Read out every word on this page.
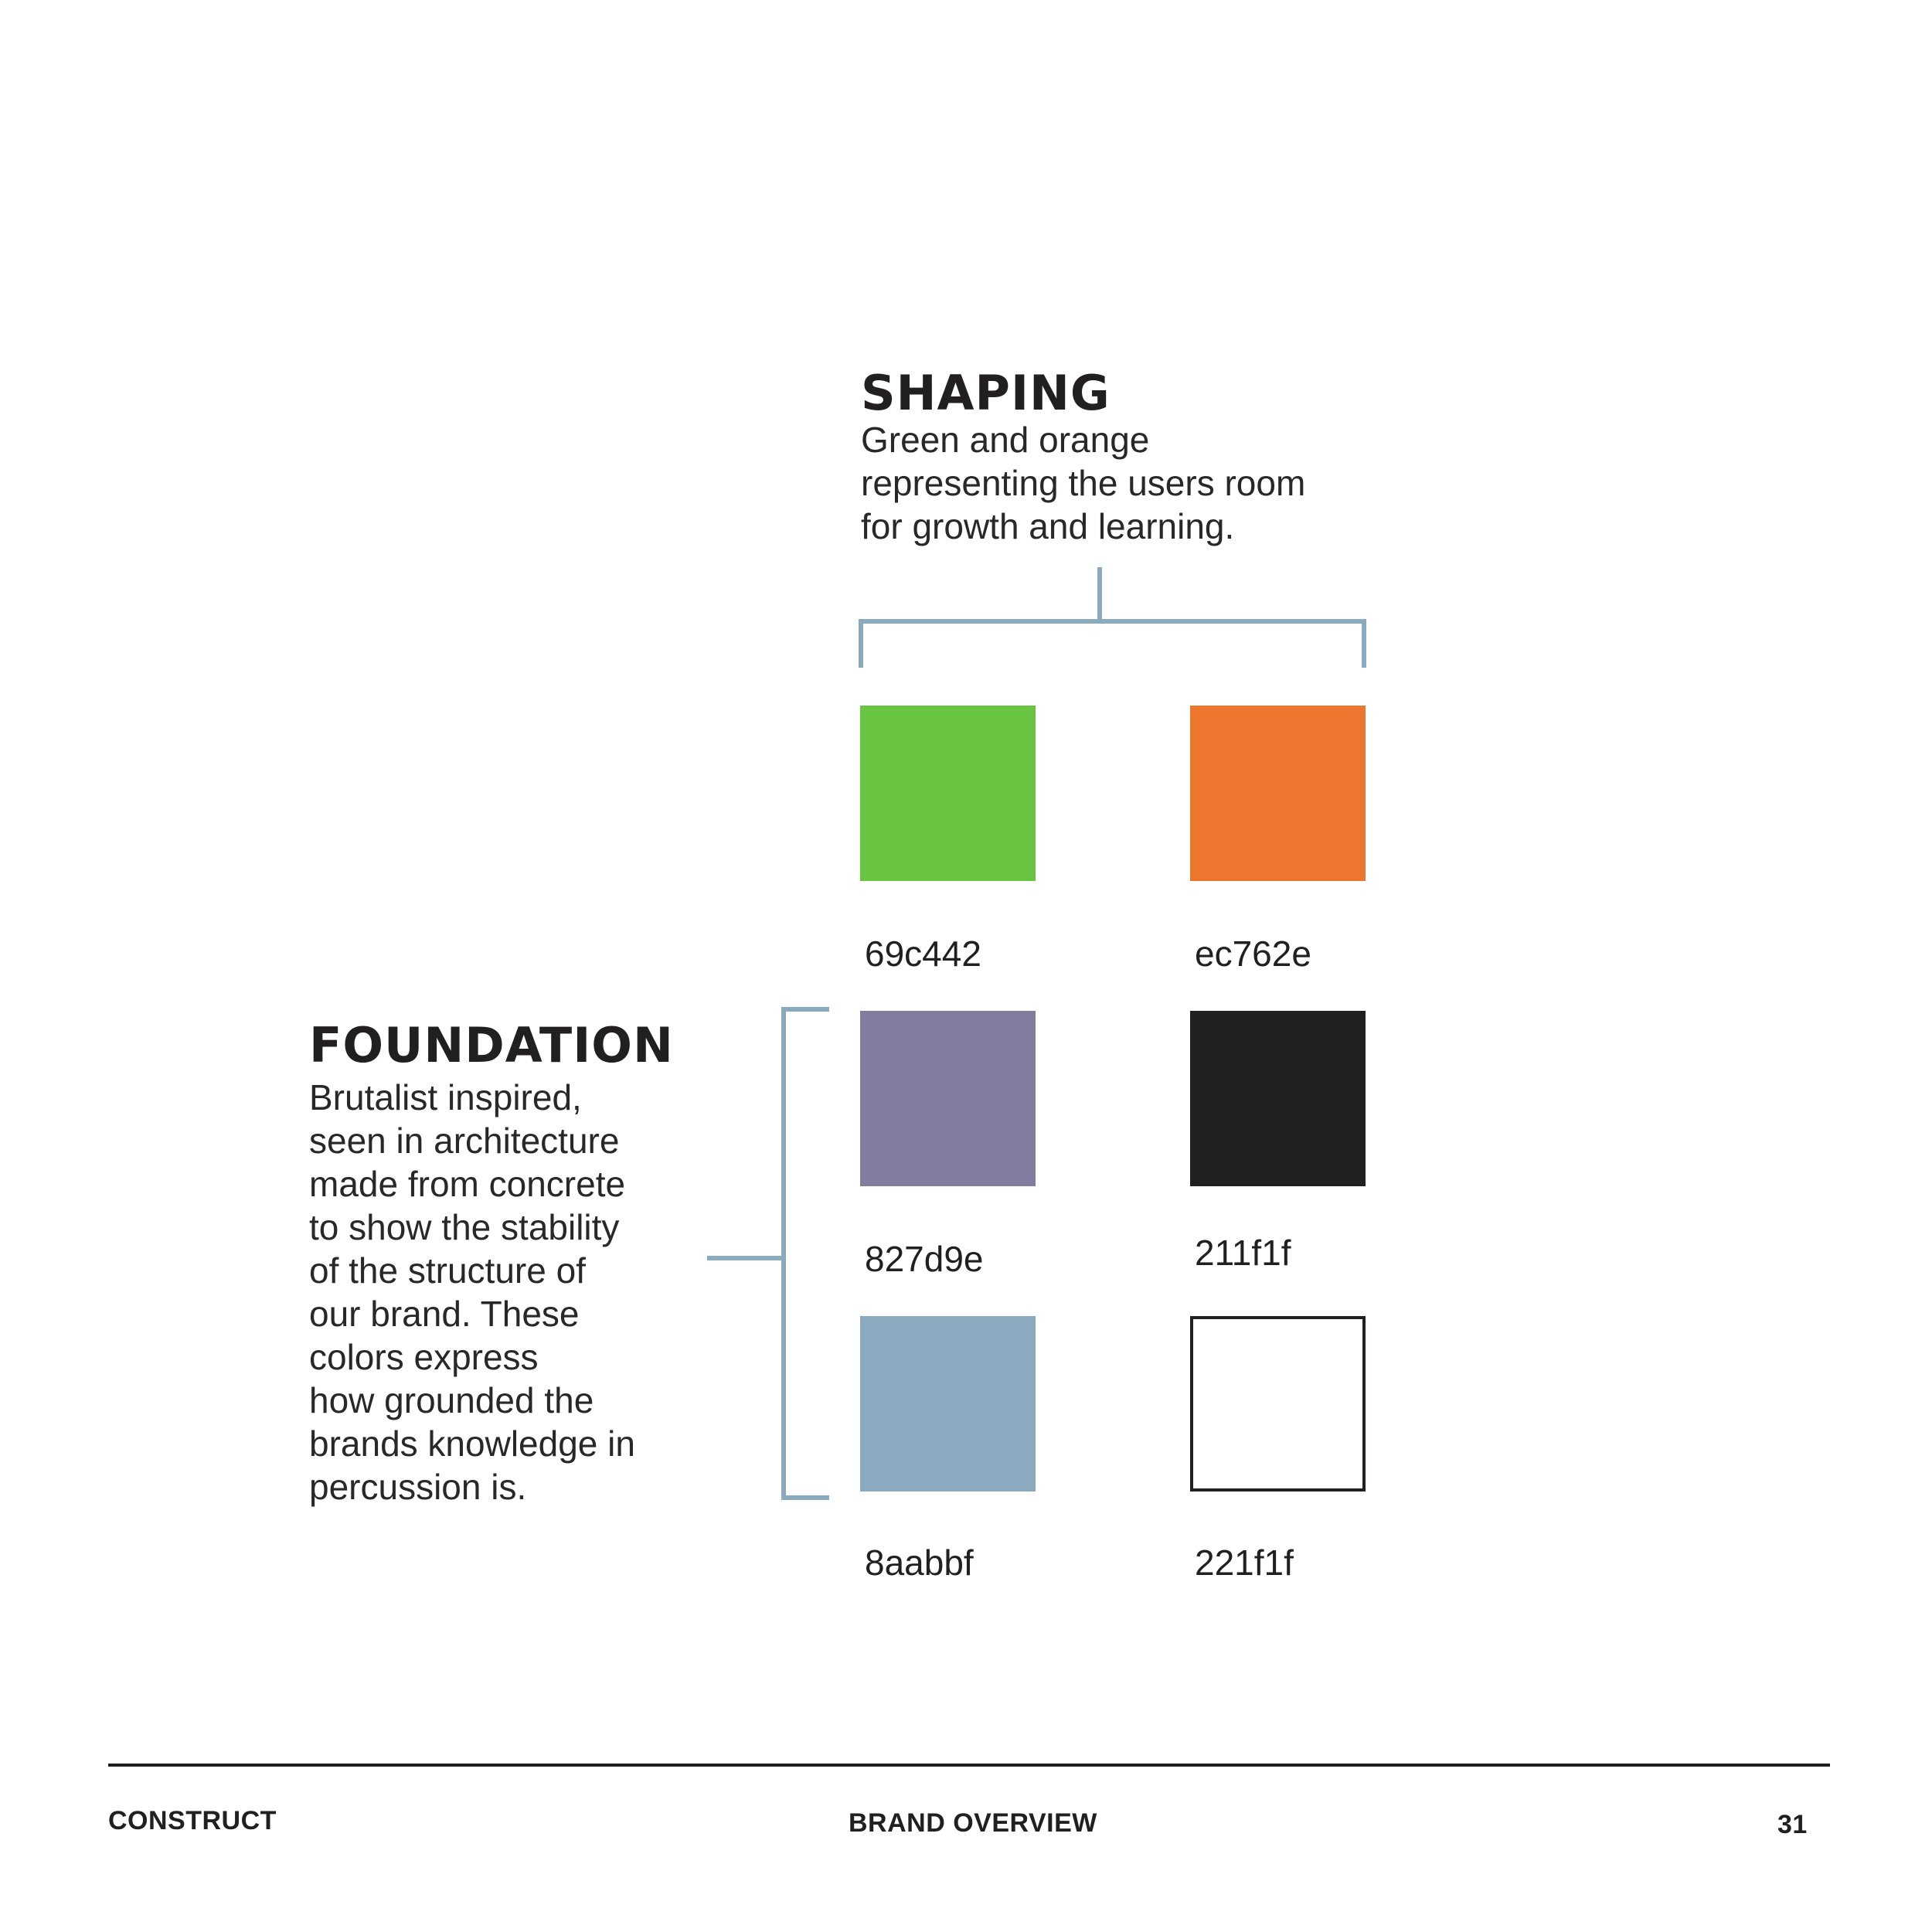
SHAPING

Green and orange
representing the users room
for growth and learning.

FOUNDATION

Brutalist inspired,
seen in architecture
made from concrete
to show the stability
of the structure of
our brand. These
colors express
how grounded the
brands knowledge in
percussion is.

69c442	ec762e
827d9e	211f1f
8aabbf	221f1f
CONSTRUCT	BRAND OVERVIEW	31
